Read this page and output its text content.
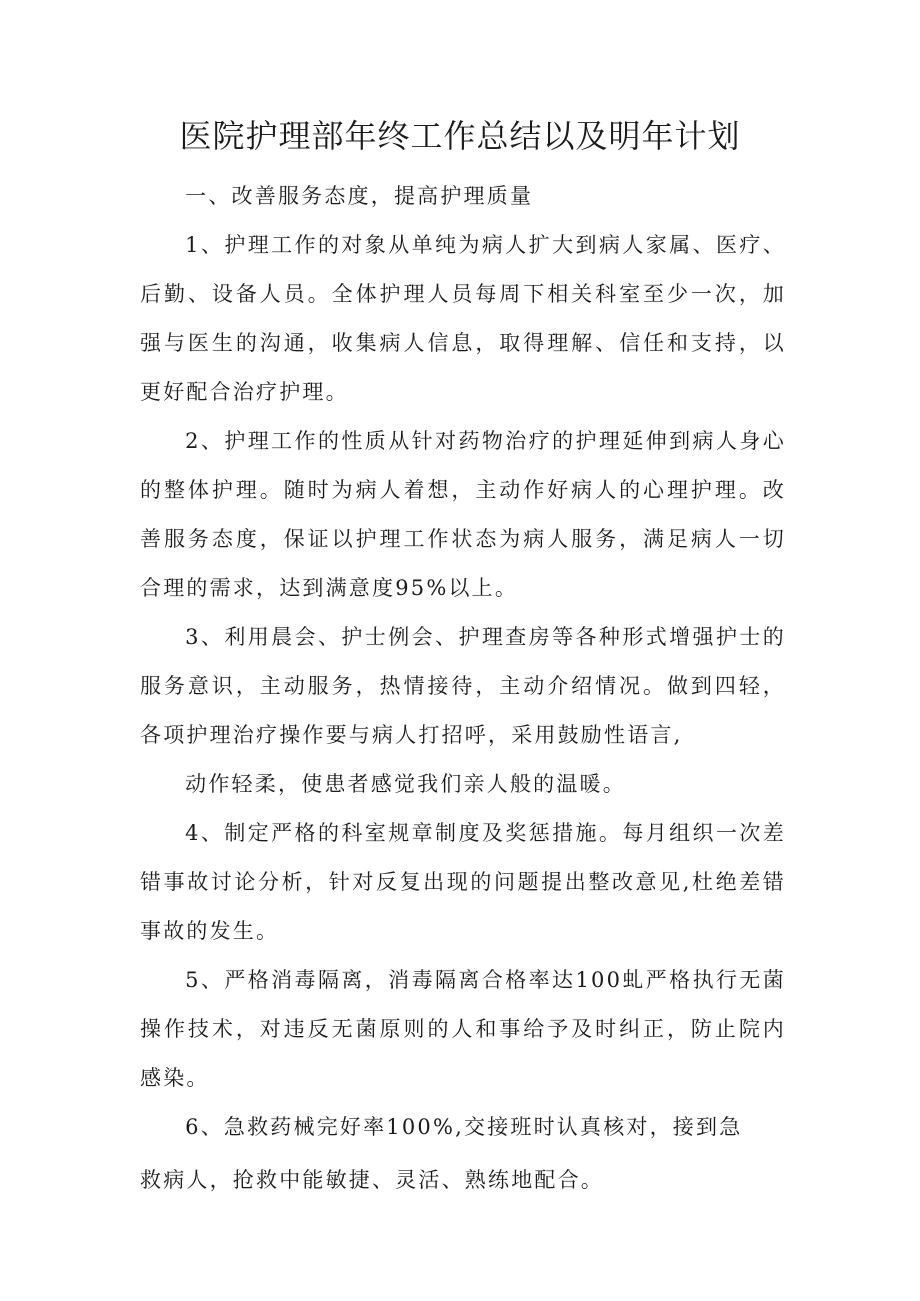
医院护理部年终工作总结以及明年计划

一、改善服务态度，提高护理质量

1、护理工作的对象从单纯为病人扩大到病人家属、医疗、后勤、设备人员。全体护理人员每周下相关科室至少一次，加强与医生的沟通，收集病人信息，取得理解、信任和支持，以更好配合治疗护理。

2、护理工作的性质从针对药物治疗的护理延伸到病人身心的整体护理。随时为病人着想，主动作好病人的心理护理。改善服务态度，保证以护理工作状态为病人服务，满足病人一切合理的需求，达到满意度95%以上。

3、利用晨会、护士例会、护理查房等各种形式增强护士的服务意识，主动服务，热情接待，主动介绍情况。做到四轻，各项护理治疗操作要与病人打招呼，采用鼓励性语言,

动作轻柔，使患者感觉我们亲人般的温暖。

4、制定严格的科室规章制度及奖惩措施。每月组织一次差错事故讨论分析，针对反复出现的问题提出整改意见,杜绝差错事故的发生。

5、严格消毒隔离，消毒隔离合格率达100虬严格执行无菌操作技术，对违反无菌原则的人和事给予及时纠正，防止院内感染。

6、急救药械完好率100%,交接班时认真核对，接到急

救病人，抢救中能敏捷、灵活、熟练地配合。
